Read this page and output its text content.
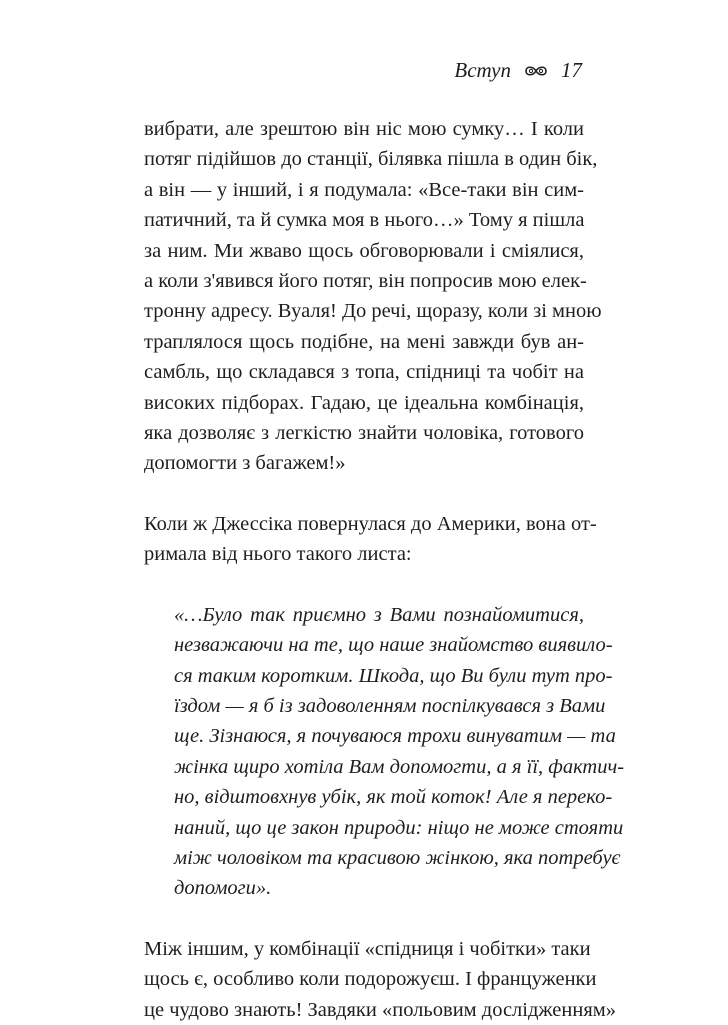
Вступ 17

вибрати, але зрештою він ніс мою сумку… І коли
потяг підійшов до станції, білявка пішла в один бік,
а він — у інший, і я подумала: «Все-таки він сим-
патичний, та й сумка моя в нього…» Тому я пішла
за ним. Ми жваво щось обговорювали і сміялися,
а коли з'явився його потяг, він попросив мою елек-
тронну адресу. Вуаля! До речі, щоразу, коли зі мною
траплялося щось подібне, на мені завжди був ан-
самбль, що складався з топа, спідниці та чобіт на
високих підборах. Гадаю, це ідеальна комбінація,
яка дозволяє з легкістю знайти чоловіка, готового
допомогти з багажем!»

Коли ж Джессіка повернулася до Америки, вона от-
римала від нього такого листа:

«…Було так приємно з Вами познайомитися,
незважаючи на те, що наше знайомство виявило-
ся таким коротким. Шкода, що Ви були тут про-
їздом — я б із задоволенням поспілкувався з Вами
ще. Зізнаюся, я почуваюся трохи винуватим — та
жінка щиро хотіла Вам допомогти, а я її, фактич-
но, відштовхнув убік, як той коток! Але я переко-
наний, що це закон природи: ніщо не може стояти
між чоловіком та красивою жінкою, яка потребує
допомоги».

Між іншим, у комбінації «спідниця і чобітки» таки
щось є, особливо коли подорожуєш. І француженки
це чудово знають! Завдяки «польовим дослідженням»
